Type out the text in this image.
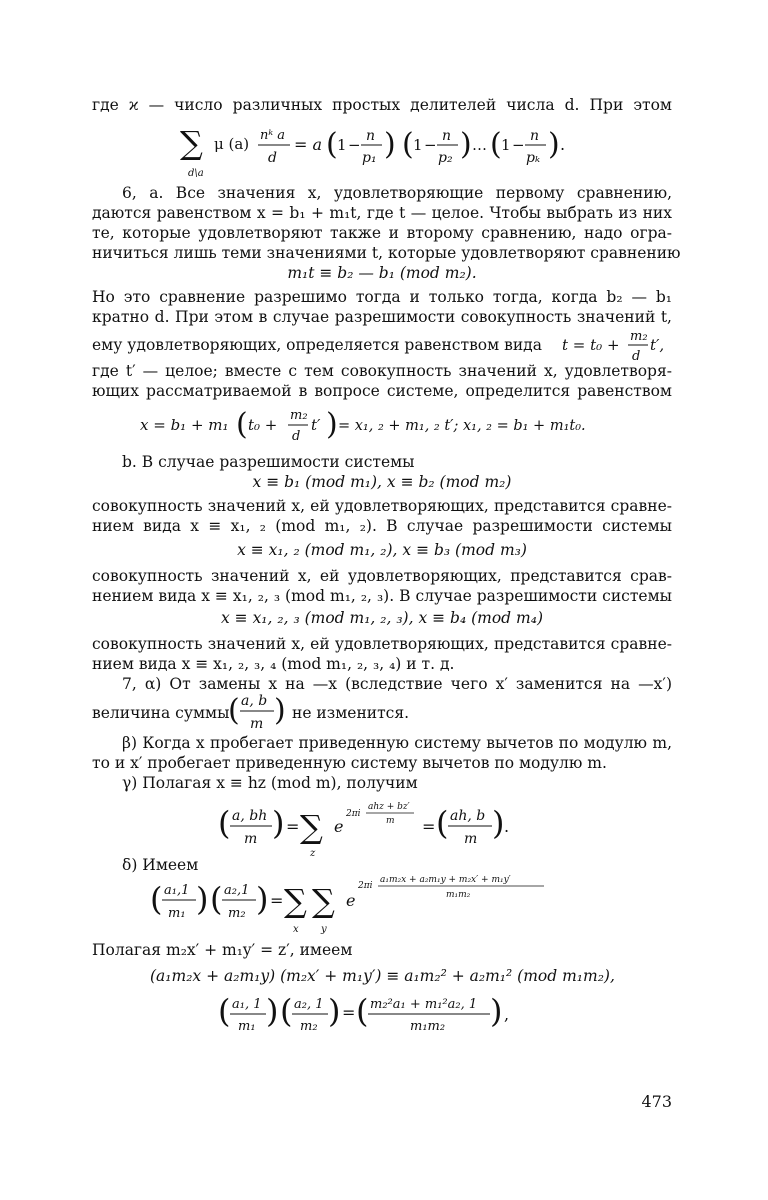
где ϰ — число различных простых делителей числа d. При этом
∑
d\a
μ (a) nᵏ a
d
= a ( 1 − n
p₁ ) ( 1 − n
p₂ ) … ( 1 − n
pₖ ) .
6, а. Все значения x, удовлетворяющие первому сравнению,
даются равенством x = b₁ + m₁t, где t — целое. Чтобы выбрать из них
те, которые удовлетворяют также и второму сравнению, надо огра-
ничиться лишь теми значениями t, которые удовлетворяют сравнению
m₁t ≡ b₂ — b₁ (mod m₂).
Но это сравнение разрешимо тогда и только тогда, когда b₂ — b₁
кратно d. При этом в случае разрешимости совокупность значений t,
ему удовлетворяющих, определяется равенством вида t = t₀ + m₂
d
t′,
где t′ — целое; вместе с тем совокупность значений x, удовлетворя-
ющих рассматриваемой в вопросе системе, определится равенством
x = b₁ + m₁ ( t₀ +
m₂
d
t′ ) = x₁, ₂ + m₁, ₂ t′; x₁, ₂ = b₁ + m₁t₀.
b. В случае разрешимости системы
x ≡ b₁ (mod m₁), x ≡ b₂ (mod m₂)
совокупность значений x, ей удовлетворяющих, представится сравне-
нием вида x ≡ x₁, ₂ (mod m₁, ₂). В случае разрешимости системы
x ≡ x₁, ₂ (mod m₁, ₂), x ≡ b₃ (mod m₃)
совокупность значений x, ей удовлетворяющих, представится срав-
нением вида x ≡ x₁, ₂, ₃ (mod m₁, ₂, ₃). В случае разрешимости системы
x ≡ x₁, ₂, ₃ (mod m₁, ₂, ₃), x ≡ b₄ (mod m₄)
совокупность значений x, ей удовлетворяющих, представится сравне-
нием вида x ≡ x₁, ₂, ₃, ₄ (mod m₁, ₂, ₃, ₄) и т. д.
7, α) От замены x на —x (вследствие чего x′ заменится на —x′)
величина суммы
( a, b
m ) не изменится.
β) Когда x пробегает приведенную систему вычетов по модулю m,
то и x′ пробегает приведенную систему вычетов по модулю m.
γ) Полагая x ≡ hz (mod m), получим
( a, bh
m ) = ∑
z
e
2πi
ahz + bz′
m = ( ah, b
m ) .
δ) Имеем
( a₁,1
m₁ ) ( a₂,1
m₂ ) = ∑
x
∑
y
e
2πi
a₁m₂x + a₂m₁y + m₂x′ + m₁y′
m₁m₂
Полагая m₂x′ + m₁y′ = z′, имеем
(a₁m₂x + a₂m₁y) (m₂x′ + m₁y′) ≡ a₁m₂² + a₂m₁² (mod m₁m₂),
( a₁, 1
m₁ ) ( a₂, 1
m₂ ) = ( m₂²a₁ + m₁²a₂, 1
m₁m₂ ) ,
473
